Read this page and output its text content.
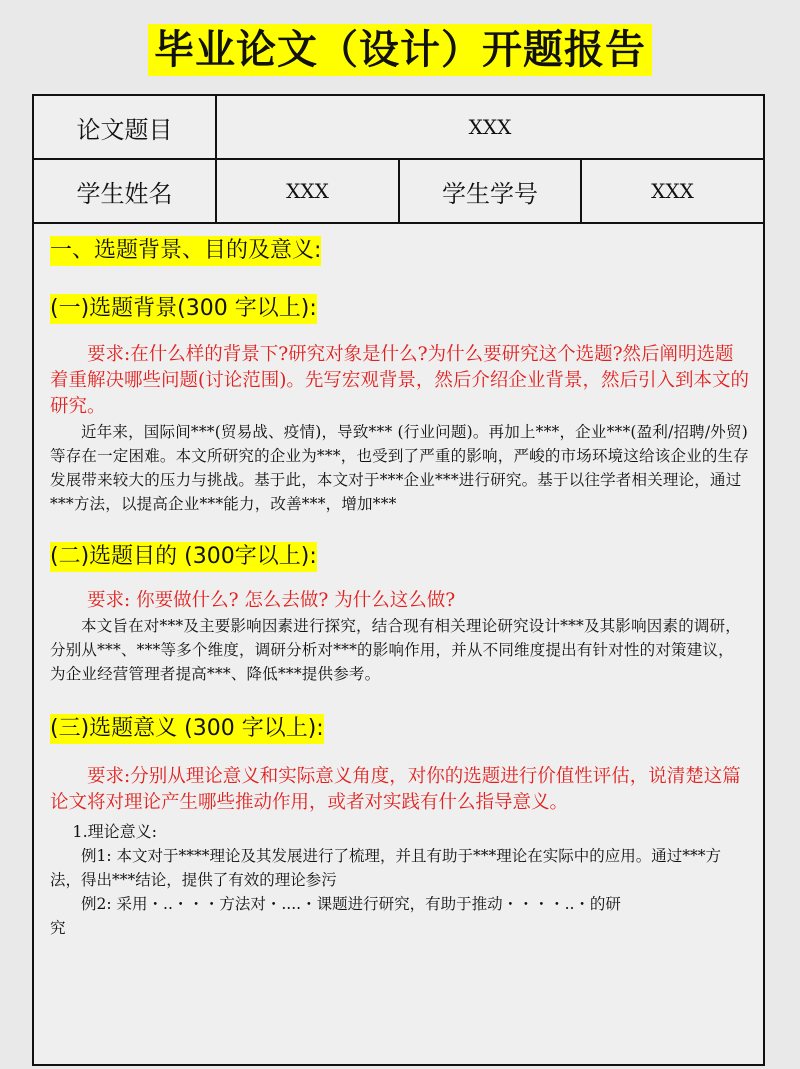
毕业论文（设计）开题报告
论文题目	XXX
学生姓名	XXX	学生学号	XXX
一、选题背景、目的及意义:
(一)选题背景(300 字以上):

要求:在什么样的背景下?研究对象是什么?为什么要研究这个选题?然后阐明选题着重解决哪些问题(讨论范围)。先写宏观背景，然后介绍企业背景，然后引入到本文的研究。

近年来，国际间***(贸易战、疫情)，导致*** (行业问题)。再加上***，企业***(盈利/招聘/外贸)等存在一定困难。本文所研究的企业为***，也受到了严重的影响，严峻的市场环境这给该企业的生存发展带来较大的压力与挑战。基于此，本文对于***企业***进行研究。基于以往学者相关理论，通过***方法，以提高企业***能力，改善***，增加***

(二)选题目的 (300字以上):

要求: 你要做什么? 怎么去做? 为什么这么做?

本文旨在对***及主要影响因素进行探究，结合现有相关理论研究设计***及其影响因素的调研，分别从***、***等多个维度，调研分析对***的影响作用，并从不同维度提出有针对性的对策建议，为企业经营管理者提高***、降低***提供参考。

(三)选题意义 (300 字以上):

要求:分别从理论意义和实际意义角度，对你的选题进行价值性评估，说清楚这篇论文将对理论产生哪些推动作用，或者对实践有什么指导意义。

1.理论意义:

例1: 本文对于****理论及其发展进行了梳理，并且有助于***理论在实际中的应用。通过***方法，得出***结论，提供了有效的理论参污

例2: 采用・..・・・方法对・....・课题进行研究，有助于推动・・・・..・的研究
